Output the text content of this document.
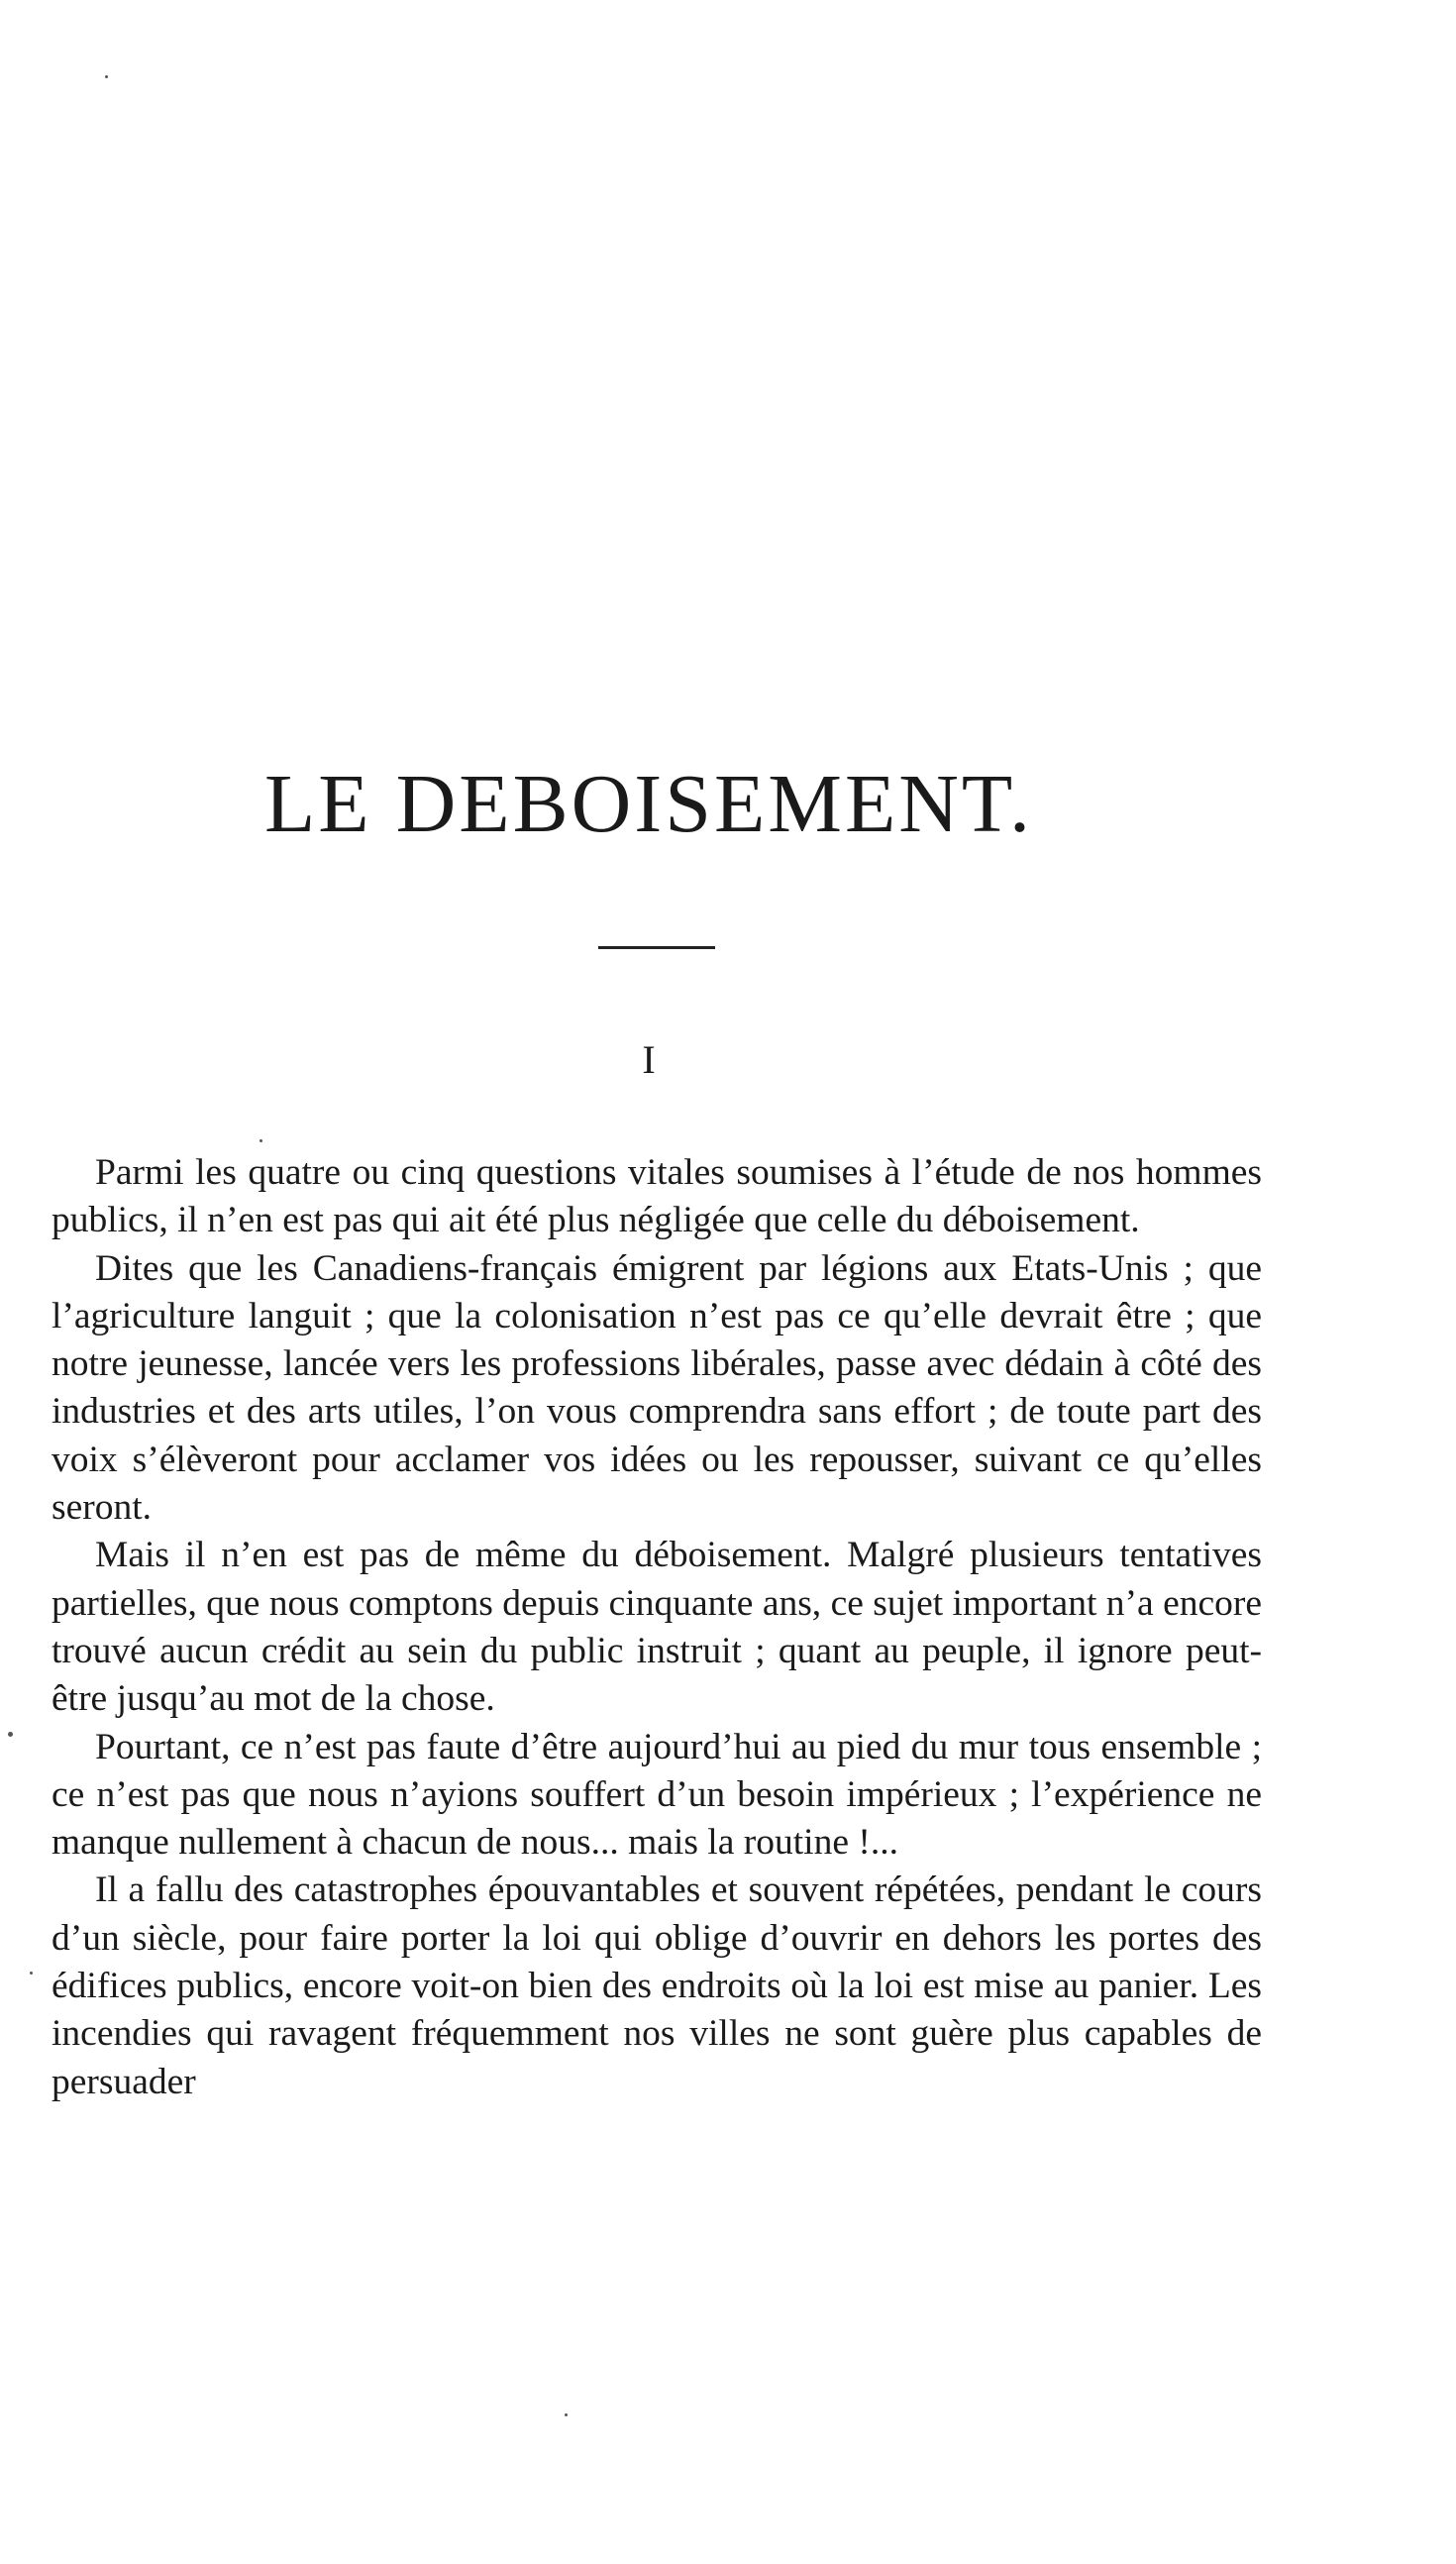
LE DEBOISEMENT.
I

Parmi les quatre ou cinq questions vitales soumises à l’étude de nos hommes publics, il n’en est pas qui ait été plus négligée que celle du déboisement.

Dites que les Canadiens-français émigrent par légions aux Etats-Unis ; que l’agriculture languit ; que la colonisation n’est pas ce qu’elle devrait être ; que notre jeunesse, lancée vers les professions libérales, passe avec dédain à côté des industries et des arts utiles, l’on vous comprendra sans effort ; de toute part des voix s’élèveront pour acclamer vos idées ou les repousser, suivant ce qu’elles seront.

Mais il n’en est pas de même du déboisement. Malgré plusieurs tentatives partielles, que nous comptons depuis cinquante ans, ce sujet important n’a encore trouvé aucun crédit au sein du public instruit ; quant au peuple, il ignore peut-être jusqu’au mot de la chose.

Pourtant, ce n’est pas faute d’être aujourd’hui au pied du mur tous ensemble ; ce n’est pas que nous n’ayions souffert d’un besoin impérieux ; l’expérience ne manque nullement à chacun de nous... mais la routine !...

Il a fallu des catastrophes épouvantables et souvent répétées, pendant le cours d’un siècle, pour faire porter la loi qui oblige d’ouvrir en dehors les portes des édifices publics, encore voit-on bien des endroits où la loi est mise au panier. Les incendies qui ravagent fréquemment nos villes ne sont guère plus capables de persuader
